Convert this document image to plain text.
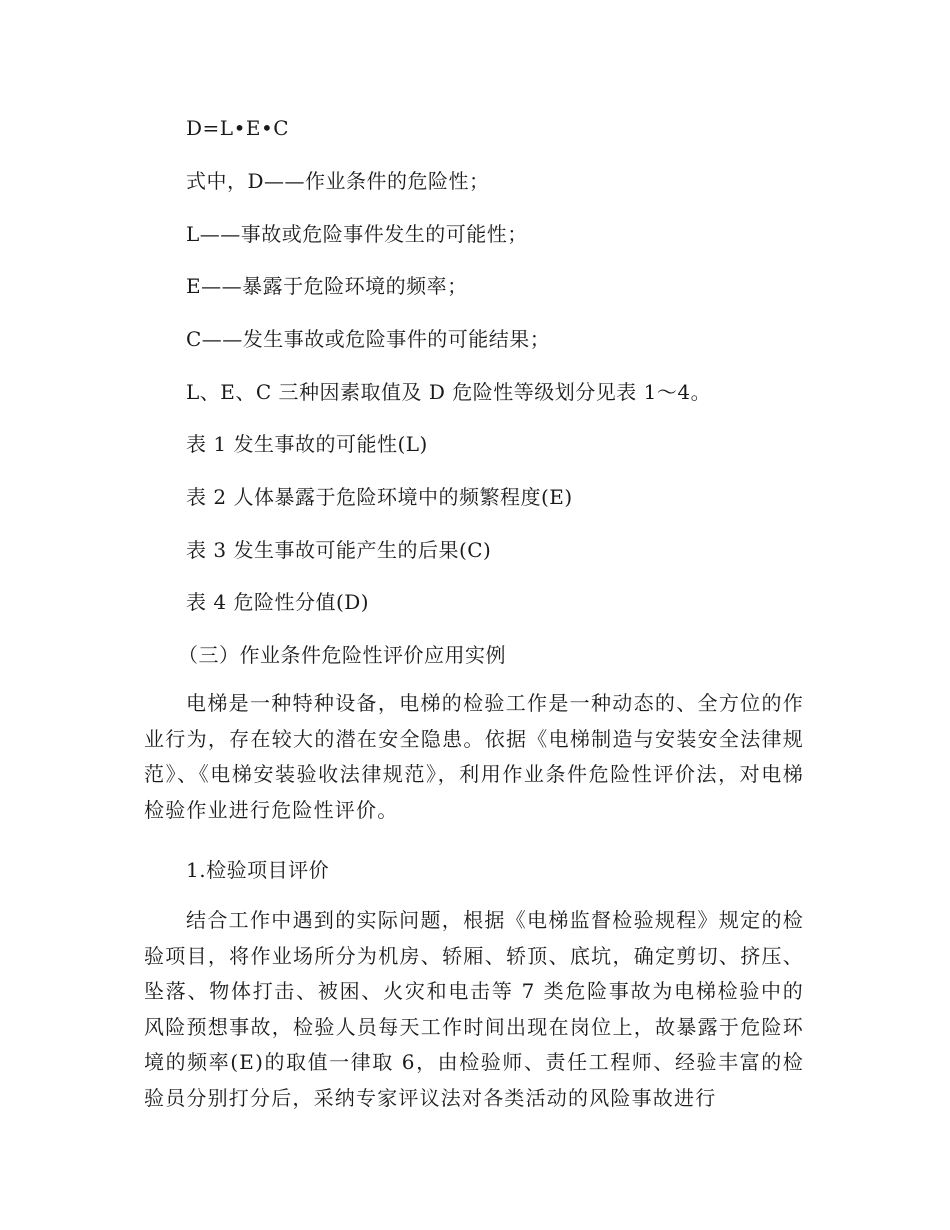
D=L•E•C
式中，D——作业条件的危险性；
L——事故或危险事件发生的可能性；
E——暴露于危险环境的频率；
C——发生事故或危险事件的可能结果；
L、E、C 三种因素取值及 D 危险性等级划分见表 1～4。
表 1 发生事故的可能性(L)
表 2 人体暴露于危险环境中的频繁程度(E)
表 3 发生事故可能产生的后果(C)
表 4 危险性分值(D)
（三）作业条件危险性评价应用实例
电梯是一种特种设备，电梯的检验工作是一种动态的、全方位的作业行为，存在较大的潜在安全隐患。依据《电梯制造与安装安全法律规范》、《电梯安装验收法律规范》，利用作业条件危险性评价法，对电梯检验作业进行危险性评价。
1.检验项目评价
结合工作中遇到的实际问题，根据《电梯监督检验规程》规定的检验项目，将作业场所分为机房、轿厢、轿顶、底坑，确定剪切、挤压、坠落、物体打击、被困、火灾和电击等 7 类危险事故为电梯检验中的风险预想事故，检验人员每天工作时间出现在岗位上，故暴露于危险环境的频率(E)的取值一律取 6，由检验师、责任工程师、经验丰富的检验员分别打分后，采纳专家评议法对各类活动的风险事故进行
